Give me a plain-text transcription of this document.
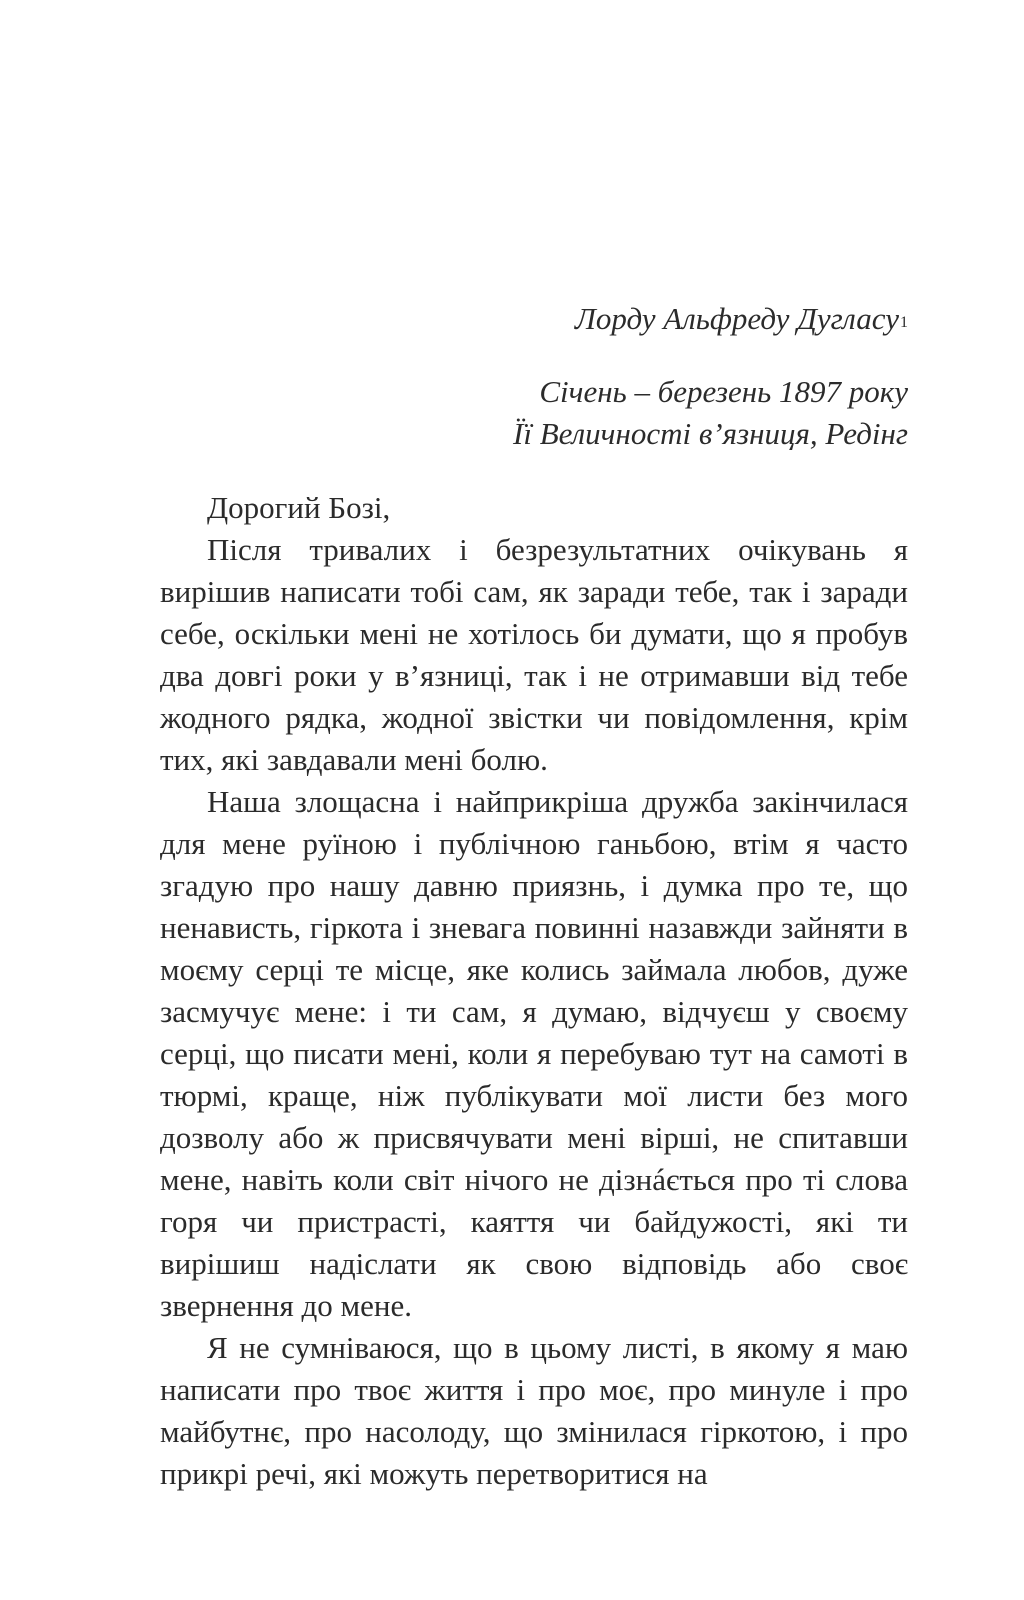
Лорду Альфреду Дугласу$^1$
Січень – березень 1897 року
Її Величності в’язниця, Редінг

Дорогий Бозі,

Після тривалих і безрезультатних очікувань я вирішив написати тобі сам, як заради тебе, так і заради себе, оскільки мені не хотілось би думати, що я пробув два довгі роки у в’язниці, так і не отримавши від тебе жодного рядка, жодної звістки чи повідомлення, крім тих, які завдавали мені болю.

Наша злощасна і найприкріша дружба закінчилася для мене руїною і публічною ганьбою, втім я часто згадую про нашу давню приязнь, і думка про те, що ненависть, гіркота і зневага повинні назавжди зайняти в моєму серці те місце, яке колись займала любов, дуже засмучує мене: і ти сам, я думаю, відчуєш у своєму серці, що писати мені, коли я перебуваю тут на самоті в тюрмі, краще, ніж публікувати мої листи без мого дозволу або ж присвячувати мені вірші, не спитавши мене, навіть коли світ нічого не дізнáється про ті слова горя чи пристрасті, каяття чи байдужості, які ти вирішиш надіслати як свою відповідь або своє звернення до мене.

Я не сумніваюся, що в цьому листі, в якому я маю написати про твоє життя і про моє, про минуле і про майбутнє, про насолоду, що змінилася гіркотою, і про прикрі речі, які можуть перетворитися на
